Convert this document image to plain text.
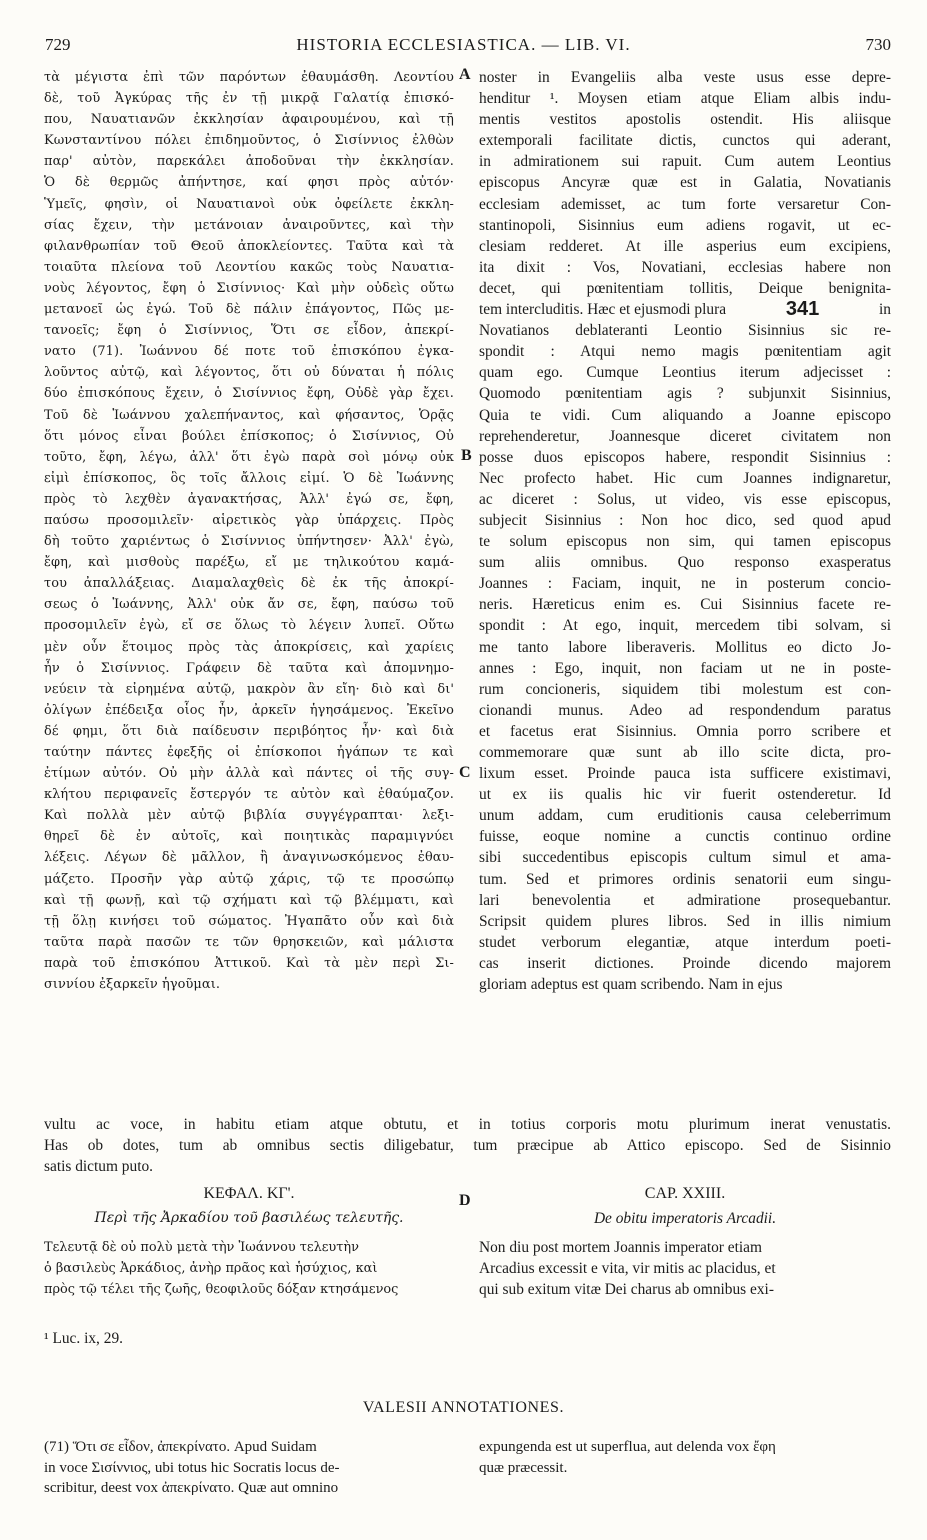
729	HISTORIA ECCLESIASTICA. — LIB. VI.	730
τὰ μέγιστα ἐπὶ τῶν παρόντων ἐθαυμάσθη. Λεοντίου
δὲ, τοῦ Ἀγκύρας τῆς ἐν τῇ μικρᾷ Γαλατίᾳ ἐπισκό-
που, Ναυατιανῶν ἐκκλησίαν ἀφαιρουμένου, καὶ τῇ
Κωνσταντίνου πόλει ἐπιδημοῦντος, ὁ Σισίννιος ἐλθὼν
παρ' αὐτὸν, παρεκάλει ἀποδοῦναι τὴν ἐκκλησίαν.
Ὁ δὲ θερμῶς ἀπήντησε, καί φησι πρὸς αὐτόν·
Ὑμεῖς, φησὶν, οἱ Ναυατιανοὶ οὐκ ὀφείλετε ἐκκλη-
σίας ἔχειν, τὴν μετάνοιαν ἀναιροῦντες, καὶ τὴν
φιλανθρωπίαν τοῦ Θεοῦ ἀποκλείοντες. Ταῦτα καὶ τὰ
τοιαῦτα πλείονα τοῦ Λεοντίου κακῶς τοὺς Ναυατια-
νοὺς λέγοντος, ἔφη ὁ Σισίννιος· Καὶ μὴν οὐδεὶς οὕτω
μετανοεῖ ὡς ἐγώ. Τοῦ δὲ πάλιν ἐπάγοντος, Πῶς με-
τανοεῖς; ἔφη ὁ Σισίννιος, Ὅτι σε εἶδον, ἀπεκρί-
νατο (71). Ἰωάννου δέ ποτε τοῦ ἐπισκόπου ἐγκα-
λοῦντος αὐτῷ, καὶ λέγοντος, ὅτι οὐ δύναται ἡ πόλις
δύο ἐπισκόπους ἔχειν, ὁ Σισίννιος ἔφη, Οὐδὲ γὰρ ἔχει.
Τοῦ δὲ Ἰωάννου χαλεπήναντος, καὶ φήσαντος, Ὁρᾷς
ὅτι μόνος εἶναι βούλει ἐπίσκοπος; ὁ Σισίννιος, Οὐ
τοῦτο, ἔφη, λέγω, ἀλλ' ὅτι ἐγὼ παρὰ σοὶ μόνῳ οὐκ
εἰμὶ ἐπίσκοπος, ὃς τοῖς ἄλλοις εἰμί. Ὁ δὲ Ἰωάννης
πρὸς τὸ λεχθὲν ἀγανακτήσας, Ἀλλ' ἐγώ σε, ἔφη,
παύσω προσομιλεῖν· αἱρετικὸς γὰρ ὑπάρχεις. Πρὸς
δὴ τοῦτο χαριέντως ὁ Σισίννιος ὑπήντησεν· Ἀλλ' ἐγὼ,
ἔφη, καὶ μισθοὺς παρέξω, εἴ με τηλικούτου καμά-
του ἀπαλλάξειας. Διαμαλαχθεὶς δὲ ἐκ τῆς ἀποκρί-
σεως ὁ Ἰωάννης, Ἀλλ' οὐκ ἄν σε, ἔφη, παύσω τοῦ
προσομιλεῖν ἐγὼ, εἴ σε ὅλως τὸ λέγειν λυπεῖ. Οὕτω
μὲν οὖν ἕτοιμος πρὸς τὰς ἀποκρίσεις, καὶ χαρίεις
ἦν ὁ Σισίννιος. Γράφειν δὲ ταῦτα καὶ ἀπομνημο-
νεύειν τὰ εἰρημένα αὐτῷ, μακρὸν ἂν εἴη· διὸ καὶ δι'
ὀλίγων ἐπέδειξα οἷος ἦν, ἀρκεῖν ἡγησάμενος. Ἐκεῖνο
δέ φημι, ὅτι διὰ παίδευσιν περιβόητος ἦν· καὶ διὰ
ταύτην πάντες ἐφεξῆς οἱ ἐπίσκοποι ἠγάπων τε καὶ
ἐτίμων αὐτόν. Οὐ μὴν ἀλλὰ καὶ πάντες οἱ τῆς συγ-
κλήτου περιφανεῖς ἔστεργόν τε αὐτὸν καὶ ἐθαύμαζον.
Καὶ πολλὰ μὲν αὐτῷ βιβλία συγγέγραπται· λεξι-
θηρεῖ δὲ ἐν αὐτοῖς, καὶ ποιητικὰς παραμιγνύει
λέξεις. Λέγων δὲ μᾶλλον, ἢ ἀναγινωσκόμενος ἐθαυ-
μάζετο. Προσῆν γὰρ αὐτῷ χάρις, τῷ τε προσώπῳ
καὶ τῇ φωνῇ, καὶ τῷ σχήματι καὶ τῷ βλέμματι, καὶ
τῇ ὅλῃ κινήσει τοῦ σώματος. Ἠγαπᾶτο οὖν καὶ διὰ
ταῦτα παρὰ πασῶν τε τῶν θρησκειῶν, καὶ μάλιστα
παρὰ τοῦ ἐπισκόπου Ἀττικοῦ. Καὶ τὰ μὲν περὶ Σι-
σιννίου ἐξαρκεῖν ἡγοῦμαι.
noster in Evangeliis alba veste usus esse depre-
henditur ¹. Moysen etiam atque Eliam albis indu-
mentis vestitos apostolis ostendit. His aliisque
extemporali facilitate dictis, cunctos qui aderant,
in admirationem sui rapuit. Cum autem Leontius
episcopus Ancyræ quæ est in Galatia, Novatianis
ecclesiam ademisset, ac tum forte versaretur Con-
stantinopoli, Sisinnius eum adiens rogavit, ut ec-
clesiam redderet. At ille asperius eum excipiens,
ita dixit : Vos, Novatiani, ecclesias habere non
decet, qui pœnitentiam tollitis, Deique benignita-
tem intercluditis. Hæc et ejusmodi plura	341	in
Novatianos deblateranti Leontio Sisinnius sic re-
spondit : Atqui nemo magis pœnitentiam agit
quam ego. Cumque Leontius iterum adjecisset :
Quomodo pœnitentiam agis ? subjunxit Sisinnius,
Quia te vidi. Cum aliquando a Joanne episcopo
reprehenderetur, Joannesque diceret civitatem non
posse duos episcopos habere, respondit Sisinnius :
Nec profecto habet. Hic cum Joannes indignaretur,
ac diceret : Solus, ut video, vis esse episcopus,
subjecit Sisinnius : Non hoc dico, sed quod apud
te solum episcopus non sim, qui tamen episcopus
sum aliis omnibus. Quo responso exasperatus
Joannes : Faciam, inquit, ne in posterum concio-
neris. Hæreticus enim es. Cui Sisinnius facete re-
spondit : At ego, inquit, mercedem tibi solvam, si
me tanto labore liberaveris. Mollitus eo dicto Jo-
annes : Ego, inquit, non faciam ut ne in poste-
rum concioneris, siquidem tibi molestum est con-
cionandi munus. Adeo ad respondendum paratus
et facetus erat Sisinnius. Omnia porro scribere et
commemorare quæ sunt ab illo scite dicta, pro-
lixum esset. Proinde pauca ista sufficere existimavi,
ut ex iis qualis hic vir fuerit ostenderetur. Id
unum addam, cum eruditionis causa celeberrimum
fuisse, eoque nomine a cunctis continuo ordine
sibi succedentibus episcopis cultum simul et ama-
tum. Sed et primores ordinis senatorii eum singu-
lari benevolentia et admiratione prosequebantur.
Scripsit quidem plures libros. Sed in illis nimium
studet verborum elegantiæ, atque interdum poeti-
cas inserit dictiones. Proinde dicendo majorem
gloriam adeptus est quam scribendo. Nam in ejus
A
B
C
D
vultu ac voce, in habitu etiam atque obtutu, et in totius corporis motu plurimum inerat venustatis.
Has ob dotes, tum ab omnibus sectis diligebatur, tum præcipue ab Attico episcopo. Sed de Sisinnio
satis dictum puto.
ΚΕΦΑΛ. ΚΓ'.	CAP. XXIII.
Περὶ τῆς Ἀρκαδίου τοῦ βασιλέως τελευτῆς.	De obitu imperatoris Arcadii.
Τελευτᾷ δὲ οὐ πολὺ μετὰ τὴν Ἰωάννου τελευτὴν
ὁ βασιλεὺς Ἀρκάδιος, ἀνὴρ πρᾶος καὶ ἡσύχιος, καὶ
πρὸς τῷ τέλει τῆς ζωῆς, θεοφιλοῦς δόξαν κτησάμενος
Non diu post mortem Joannis imperator etiam
Arcadius excessit e vita, vir mitis ac placidus, et
qui sub exitum vitæ Dei charus ab omnibus exi-
¹ Luc. ix, 29.
VALESII ANNOTATIONES.
(71) Ὅτι σε εἶδον, ἀπεκρίνατο. Apud Suidam
in voce Σισίννιος, ubi totus hic Socratis locus de-
scribitur, deest vox ἀπεκρίνατο. Quæ aut omnino
expungenda est ut superflua, aut delenda vox ἔφη
quæ præcessit.
